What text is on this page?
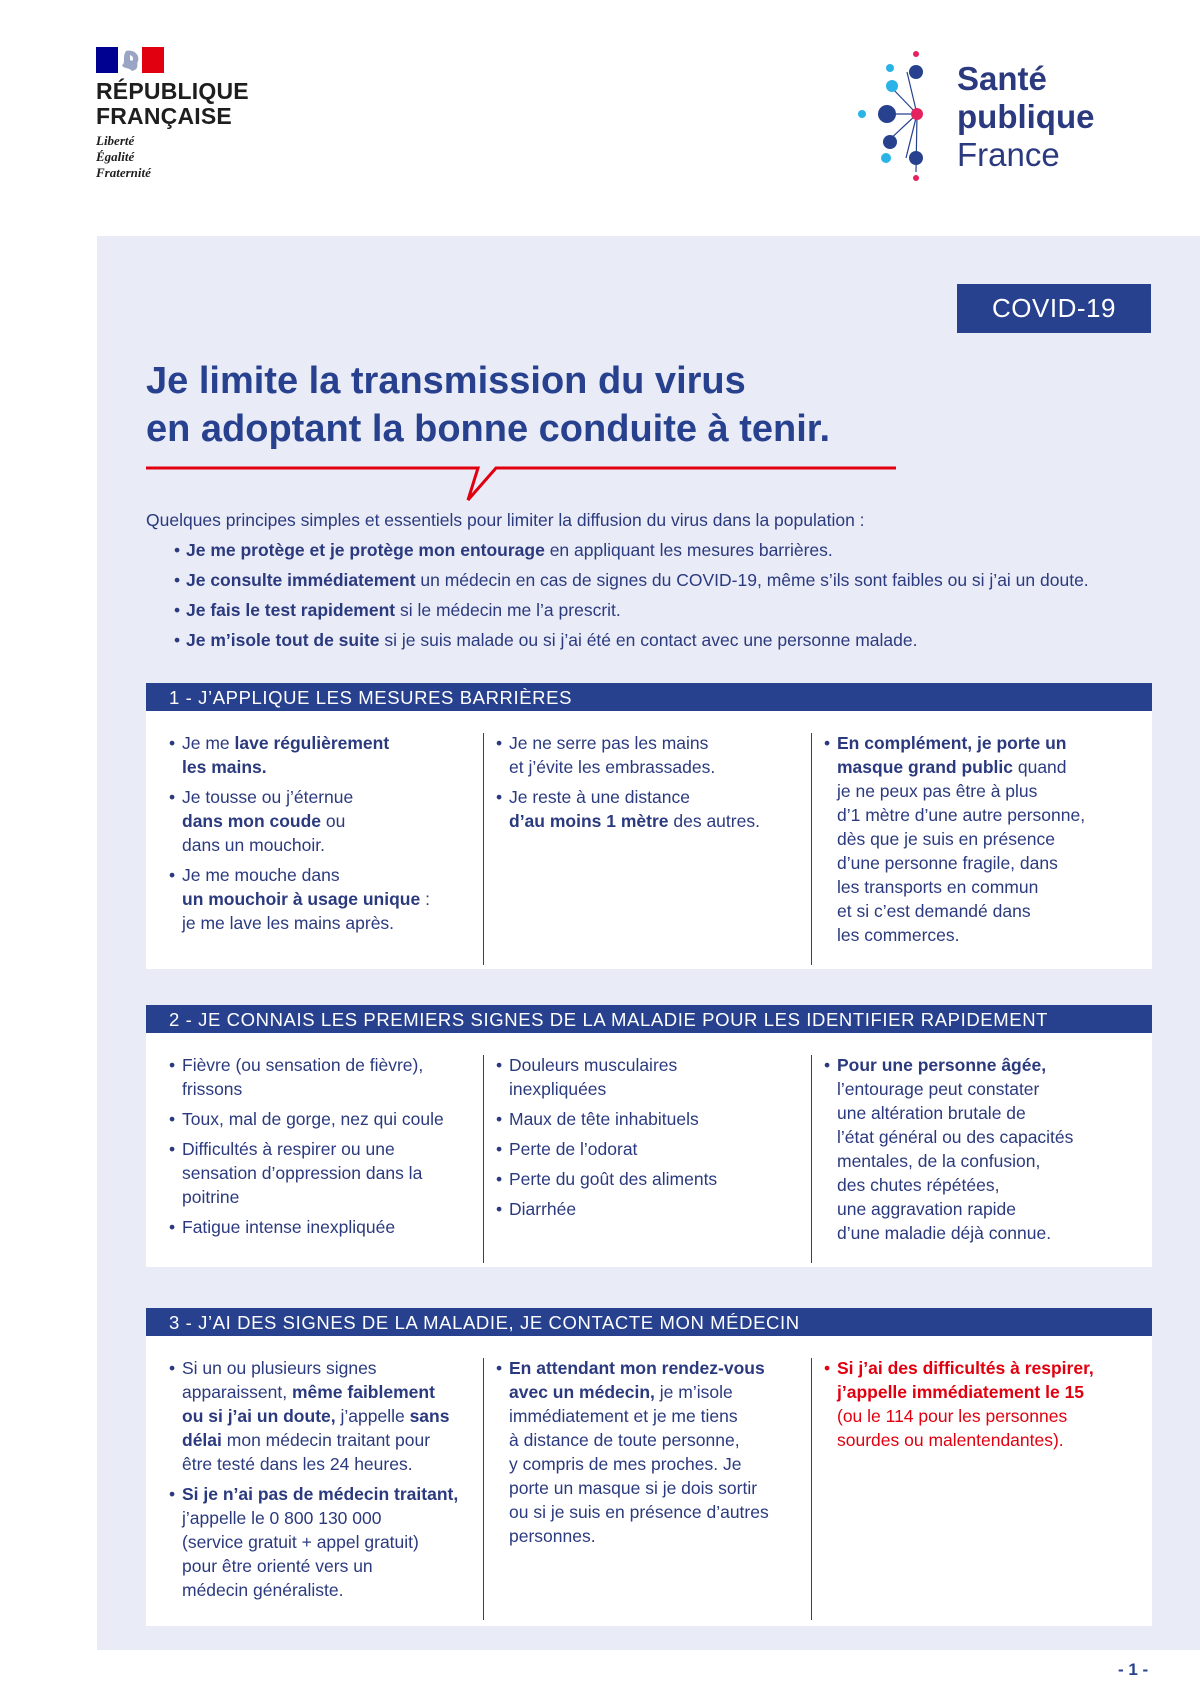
RÉPUBLIQUE
FRANÇAISE
Liberté
Égalité
Fraternité
Santé
publique
France
COVID-19
Je limite la transmission du virus
en adoptant la bonne conduite à tenir.

Quelques principes simples et essentiels pour limiter la diffusion du virus dans la population :

• Je me protège et je protège mon entourage en appliquant les mesures barrières.
• Je consulte immédiatement un médecin en cas de signes du COVID-19, même s’ils sont faibles ou si j’ai un doute.
• Je fais le test rapidement si le médecin me l’a prescrit.
• Je m’isole tout de suite si je suis malade ou si j’ai été en contact avec une personne malade.
1 - J’APPLIQUE LES MESURES BARRIÈRES
• Je me lave régulièrement
les mains.
• Je tousse ou j’éternue
dans mon coude ou
dans un mouchoir.
• Je me mouche dans
un mouchoir à usage unique :
je me lave les mains après.
• Je ne serre pas les mains
et j’évite les embrassades.
• Je reste à une distance
d’au moins 1 mètre des autres.
• En complément, je porte un
masque grand public quand
je ne peux pas être à plus
d’1 mètre d’une autre personne,
dès que je suis en présence
d’une personne fragile, dans
les transports en commun
et si c’est demandé dans
les commerces.
2 - JE CONNAIS LES PREMIERS SIGNES DE LA MALADIE POUR LES IDENTIFIER RAPIDEMENT
• Fièvre (ou sensation de fièvre),
frissons
• Toux, mal de gorge, nez qui coule
• Difficultés à respirer ou une
sensation d’oppression dans la
poitrine
• Fatigue intense inexpliquée
• Douleurs musculaires
inexpliquées
• Maux de tête inhabituels
• Perte de l’odorat
• Perte du goût des aliments
• Diarrhée
• Pour une personne âgée,
l’entourage peut constater
une altération brutale de
l’état général ou des capacités
mentales, de la confusion,
des chutes répétées,
une aggravation rapide
d’une maladie déjà connue.
3 - J’AI DES SIGNES DE LA MALADIE, JE CONTACTE MON MÉDECIN
• Si un ou plusieurs signes
apparaissent, même faiblement
ou si j’ai un doute, j’appelle sans
délai mon médecin traitant pour
être testé dans les 24 heures.
• Si je n’ai pas de médecin traitant,
j’appelle le 0 800 130 000
(service gratuit + appel gratuit)
pour être orienté vers un
médecin généraliste.
• En attendant mon rendez-vous
avec un médecin, je m’isole
immédiatement et je me tiens
à distance de toute personne,
y compris de mes proches. Je
porte un masque si je dois sortir
ou si je suis en présence d’autres
personnes.
• Si j’ai des difficultés à respirer,
j’appelle immédiatement le 15
(ou le 114 pour les personnes
sourdes ou malentendantes).
- 1 -
